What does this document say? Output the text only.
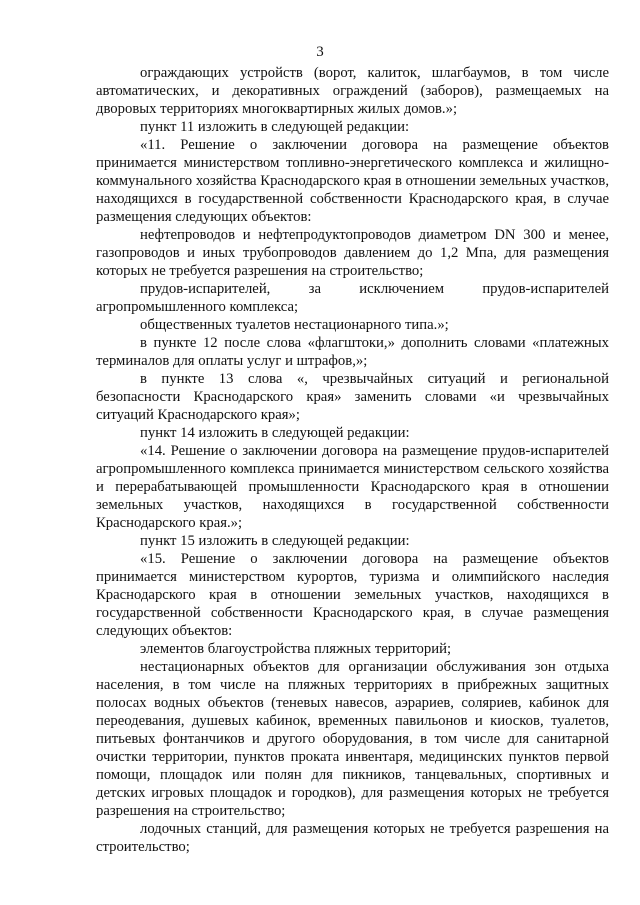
3

ограждающих устройств (ворот, калиток, шлагбаумов, в том числе автоматических, и декоративных ограждений (заборов), размещаемых на дворовых территориях многоквартирных жилых домов.»;

пункт 11 изложить в следующей редакции:

«11. Решение о заключении договора на размещение объектов принимается министерством топливно-энергетического комплекса и жилищно-коммунального хозяйства Краснодарского края в отношении земельных участков, находящихся в государственной собственности Краснодарского края, в случае размещения следующих объектов:

нефтепроводов и нефтепродуктопроводов диаметром DN 300 и менее, газопроводов и иных трубопроводов давлением до 1,2 Мпа, для размещения которых не требуется разрешения на строительство;

прудов-испарителей, за исключением прудов-испарителей агропромышленного комплекса;

общественных туалетов нестационарного типа.»;

в пункте 12 после слова «флагштоки,» дополнить словами «платежных терминалов для оплаты услуг и штрафов,»;

в пункте 13 слова «, чрезвычайных ситуаций и региональной безопасности Краснодарского края» заменить словами «и чрезвычайных ситуаций Краснодарского края»;

пункт 14 изложить в следующей редакции:

«14. Решение о заключении договора на размещение прудов-испарителей агропромышленного комплекса принимается министерством сельского хозяйства и перерабатывающей промышленности Краснодарского края в отношении земельных участков, находящихся в государственной собственности Краснодарского края.»;

пункт 15 изложить в следующей редакции:

«15. Решение о заключении договора на размещение объектов принимается министерством курортов, туризма и олимпийского наследия Краснодарского края в отношении земельных участков, находящихся в государственной собственности Краснодарского края, в случае размещения следующих объектов:

элементов благоустройства пляжных территорий;

нестационарных объектов для организации обслуживания зон отдыха населения, в том числе на пляжных территориях в прибрежных защитных полосах водных объектов (теневых навесов, аэрариев, соляриев, кабинок для переодевания, душевых кабинок, временных павильонов и киосков, туалетов, питьевых фонтанчиков и другого оборудования, в том числе для санитарной очистки территории, пунктов проката инвентаря, медицинских пунктов первой помощи, площадок или полян для пикников, танцевальных, спортивных и детских игровых площадок и городков), для размещения которых не требуется разрешения на строительство;

лодочных станций, для размещения которых не требуется разрешения на строительство;
